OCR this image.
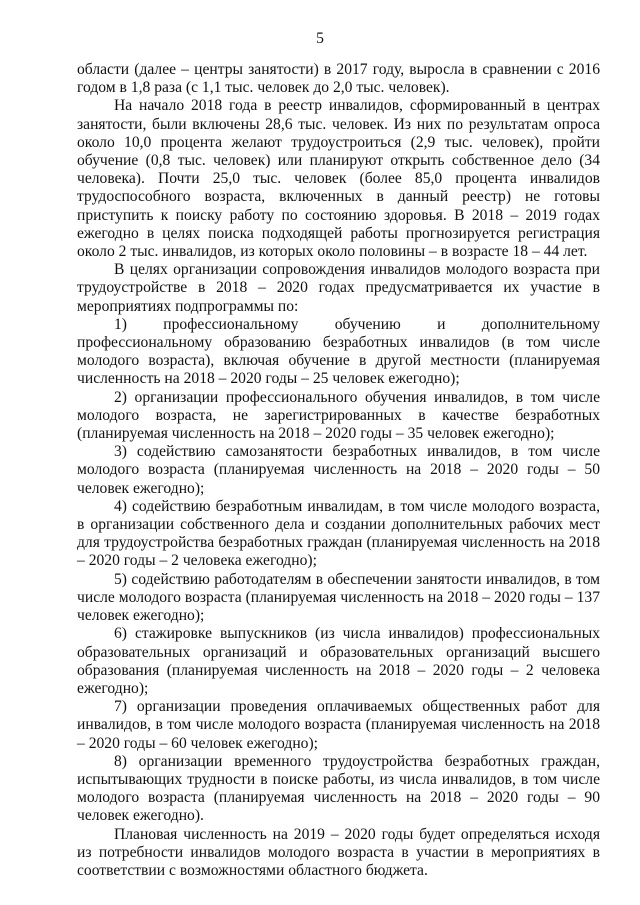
5

области (далее – центры занятости) в 2017 году, выросла в сравнении с 2016 годом в 1,8 раза (с 1,1 тыс. человек до 2,0 тыс. человек).

На начало 2018 года в реестр инвалидов, сформированный в центрах занятости, были включены 28,6 тыс. человек. Из них по результатам опроса около 10,0 процента желают трудоустроиться (2,9 тыс. человек), пройти обучение (0,8 тыс. человек) или планируют открыть собственное дело (34 человека). Почти 25,0 тыс. человек (более 85,0 процента инвалидов трудоспособного возраста, включенных в данный реестр) не готовы приступить к поиску работу по состоянию здоровья. В 2018 – 2019 годах ежегодно в целях поиска подходящей работы прогнозируется регистрация около 2 тыс. инвалидов, из которых около половины – в возрасте 18 – 44 лет.

В целях организации сопровождения инвалидов молодого возраста при трудоустройстве в 2018 – 2020 годах предусматривается их участие в мероприятиях подпрограммы по:

1) профессиональному обучению и дополнительному профессиональному образованию безработных инвалидов (в том числе молодого возраста), включая обучение в другой местности (планируемая численность на 2018 – 2020 годы – 25 человек ежегодно);

2) организации профессионального обучения инвалидов, в том числе молодого возраста, не зарегистрированных в качестве безработных (планируемая численность на 2018 – 2020 годы – 35 человек ежегодно);

3) содействию самозанятости безработных инвалидов, в том числе молодого возраста (планируемая численность на 2018 – 2020 годы – 50 человек ежегодно);

4) содействию безработным инвалидам, в том числе молодого возраста, в организации собственного дела и создании дополнительных рабочих мест для трудоустройства безработных граждан (планируемая численность на 2018 – 2020 годы – 2 человека ежегодно);

5) содействию работодателям в обеспечении занятости инвалидов, в том числе молодого возраста (планируемая численность на 2018 – 2020 годы – 137 человек ежегодно);

6) стажировке выпускников (из числа инвалидов) профессиональных образовательных организаций и образовательных организаций высшего образования (планируемая численность на 2018 – 2020 годы – 2 человека ежегодно);

7) организации проведения оплачиваемых общественных работ для инвалидов, в том числе молодого возраста (планируемая численность на 2018 – 2020 годы – 60 человек ежегодно);

8) организации временного трудоустройства безработных граждан, испытывающих трудности в поиске работы, из числа инвалидов, в том числе молодого возраста (планируемая численность на 2018 – 2020 годы – 90 человек ежегодно).

Плановая численность на 2019 – 2020 годы будет определяться исходя из потребности инвалидов молодого возраста в участии в мероприятиях в соответствии с возможностями областного бюджета.
